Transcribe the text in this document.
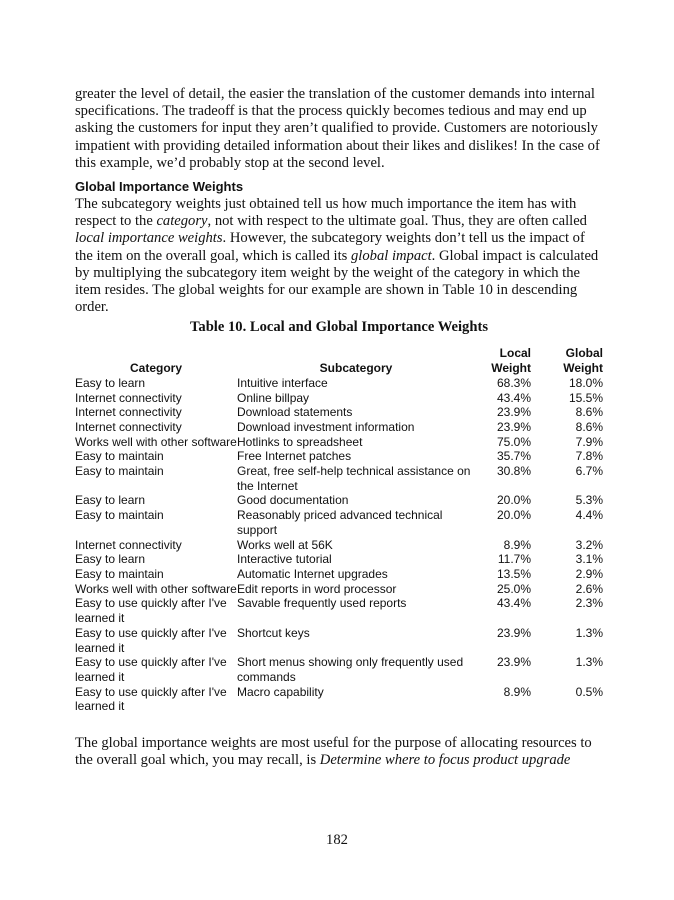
greater the level of detail, the easier the translation of the customer demands into internal specifications. The tradeoff is that the process quickly becomes tedious and may end up asking the customers for input they aren’t qualified to provide. Customers are notoriously impatient with providing detailed information about their likes and dislikes! In the case of this example, we’d probably stop at the second level.

Global Importance Weights

The subcategory weights just obtained tell us how much importance the item has with respect to the category, not with respect to the ultimate goal. Thus, they are often called local importance weights. However, the subcategory weights don’t tell us the impact of the item on the overall goal, which is called its global impact. Global impact is calculated by multiplying the subcategory item weight by the weight of the category in which the item resides. The global weights for our example are shown in Table 10 in descending order.

Table 10. Local and Global Importance Weights
Category	Subcategory	Local Weight	Global Weight
Easy to learn	Intuitive interface	68.3%	18.0%
Internet connectivity	Online billpay	43.4%	15.5%
Internet connectivity	Download statements	23.9%	8.6%
Internet connectivity	Download investment information	23.9%	8.6%
Works well with other software	Hotlinks to spreadsheet	75.0%	7.9%
Easy to maintain	Free Internet patches	35.7%	7.8%
Easy to maintain	Great, free self-help technical assistance on the Internet	30.8%	6.7%
Easy to learn	Good documentation	20.0%	5.3%
Easy to maintain	Reasonably priced advanced technical support	20.0%	4.4%
Internet connectivity	Works well at 56K	8.9%	3.2%
Easy to learn	Interactive tutorial	11.7%	3.1%
Easy to maintain	Automatic Internet upgrades	13.5%	2.9%
Works well with other software	Edit reports in word processor	25.0%	2.6%
Easy to use quickly after I've learned it	Savable frequently used reports	43.4%	2.3%
Easy to use quickly after I've learned it	Shortcut keys	23.9%	1.3%
Easy to use quickly after I've learned it	Short menus showing only frequently used commands	23.9%	1.3%
Easy to use quickly after I've learned it	Macro capability	8.9%	0.5%

The global importance weights are most useful for the purpose of allocating resources to the overall goal which, you may recall, is Determine where to focus product upgrade

182
